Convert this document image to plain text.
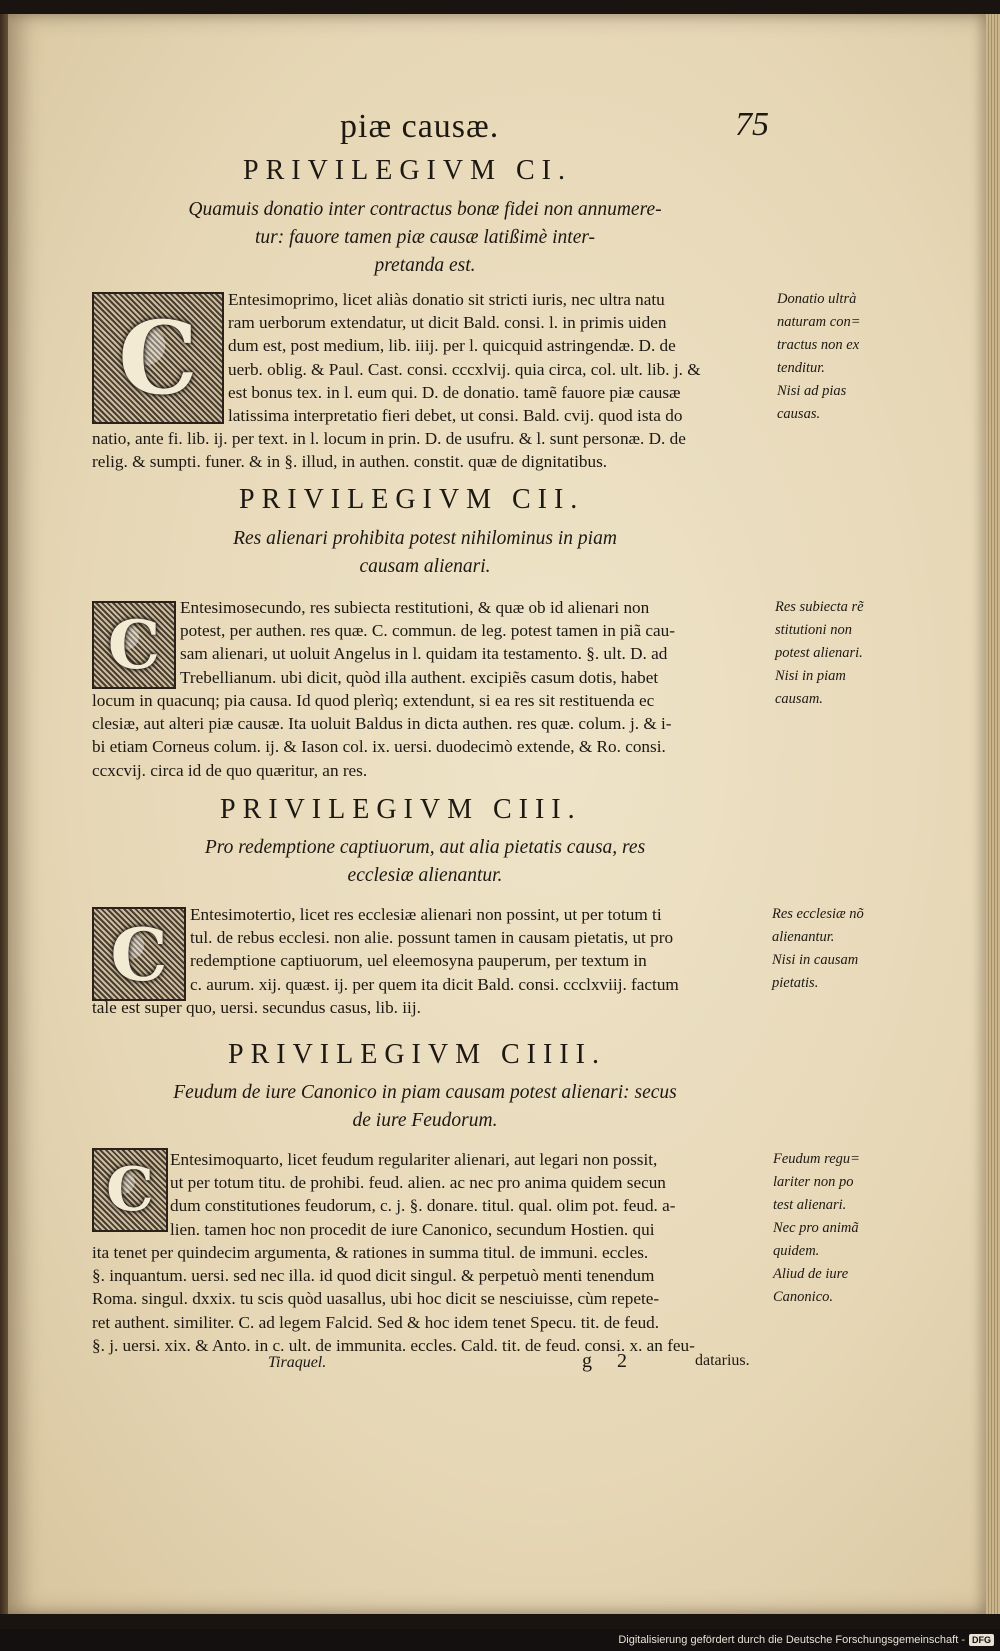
piæ causæ.	75
PRIVILEGIVM CI.
Quamuis donatio inter contractus bonæ fidei non annumere-
tur: fauore tamen piæ causæ latißimè inter-
pretanda est.
C	Entesimoprimo, licet aliàs donatio sit stricti iuris, nec ultra natu
ram uerborum extendatur, ut dicit Bald. consi. l. in primis uiden
dum est, post medium, lib. iiij. per l. quicquid astringendæ. D. de
uerb. oblig. & Paul. Cast. consi. cccxlvij. quia circa, col. ult. lib. j. &
est bonus tex. in l. eum qui. D. de donatio. tamẽ fauore piæ causæ
latissima interpretatio fieri debet, ut consi. Bald. cvij. quod ista do
natio, ante fi. lib. ij. per text. in l. locum in prin. D. de usufru. & l. sunt personæ. D. de
relig. & sumpti. funer. & in §. illud, in authen. constit. quæ de dignitatibus.
Donatio ultrà
naturam con=
tractus non ex
tenditur.
Nisi ad pias
causas.
PRIVILEGIVM CII.
Res alienari prohibita potest nihilominus in piam
causam alienari.
C	Entesimosecundo, res subiecta restitutioni, & quæ ob id alienari non
potest, per authen. res quæ. C. commun. de leg. potest tamen in piã cau-
sam alienari, ut uoluit Angelus in l. quidam ita testamento. §. ult. D. ad
Trebellianum. ubi dicit, quòd illa authent. excipiẽs casum dotis, habet
locum in quacunq; pia causa. Id quod plerìq; extendunt, si ea res sit restituenda ec
clesiæ, aut alteri piæ causæ. Ita uoluit Baldus in dicta authen. res quæ. colum. j. & i-
bi etiam Corneus colum. ij. & Iason col. ix. uersi. duodecimò extende, & Ro. consi.
ccxcvij. circa id de quo quæritur, an res.
Res subiecta rẽ
stitutioni non
potest alienari.
Nisi in piam
causam.
PRIVILEGIVM CIII.
Pro redemptione captiuorum, aut alia pietatis causa, res
ecclesiæ alienantur.
C	Entesimotertio, licet res ecclesiæ alienari non possint, ut per totum ti
tul. de rebus ecclesi. non alie. possunt tamen in causam pietatis, ut pro
redemptione captiuorum, uel eleemosyna pauperum, per textum in
c. aurum. xij. quæst. ij. per quem ita dicit Bald. consi. ccclxviij. factum
tale est super quo, uersi. secundus casus, lib. iij.
Res ecclesiæ nõ
alienantur.
Nisi in causam
pietatis.
PRIVILEGIVM CIIII.
Feudum de iure Canonico in piam causam potest alienari: secus
de iure Feudorum.
C Entesimoquarto, licet feudum regulariter alienari, aut legari non possit,
ut per totum titu. de prohibi. feud. alien. ac nec pro anima quidem secun
dum constitutiones feudorum, c. j. §. donare. titul. qual. olim pot. feud. a-
lien. tamen hoc non procedit de iure Canonico, secundum Hostien. qui
ita tenet per quindecim argumenta, & rationes in summa titul. de immuni. eccles.
§. inquantum. uersi. sed nec illa. id quod dicit singul. & perpetuò menti tenendum
Roma. singul. dxxix. tu scis quòd uasallus, ubi hoc dicit se nesciuisse, cùm repete-
ret authent. similiter. C. ad legem Falcid. Sed & hoc idem tenet Specu. tit. de feud.
§. j. uersi. xix. & Anto. in c. ult. de immunita. eccles. Cald. tit. de feud. consi. x. an feu-
Feudum regu=
lariter non po
test alienari.
Nec pro animã
quidem.
Aliud de iure
Canonico.
Tiraquel.	g 2	datarius.
Digitalisierung gefördert durch die Deutsche Forschungsgemeinschaft - DFG
